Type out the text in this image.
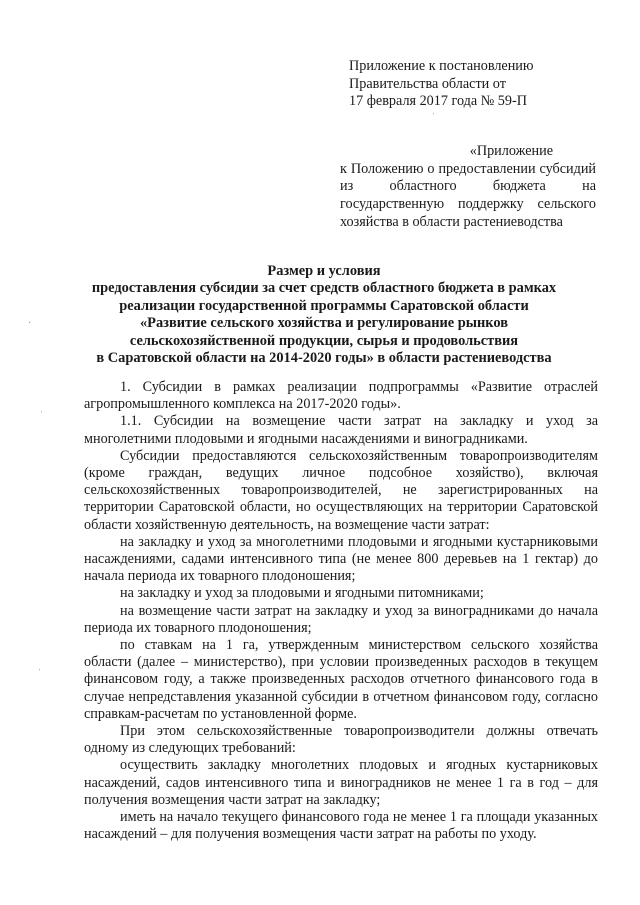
Приложение к постановлению
Правительства области от
17 февраля 2017 года № 59-П
ˈ
«Приложение
к Положению о предоставлении субсидий из областного бюджета на государственную поддержку сельского хозяйства в области растениеводства
Размер и условия
предоставления субсидии за счет средств областного бюджета в рамках
реализации государственной программы Саратовской области
«Развитие сельского хозяйства и регулирование рынков
сельскохозяйственной продукции, сырья и продовольствия
в Саратовской области на 2014-2020 годы» в области растениеводства
·
ˈ
ˈ

1. Субсидии в рамках реализации подпрограммы «Развитие отраслей агропромышленного комплекса на 2017-2020 годы».

1.1. Субсидии на возмещение части затрат на закладку и уход за многолетними плодовыми и ягодными насаждениями и виноградниками.

Субсидии предоставляются сельскохозяйственным товаропроизводителям (кроме граждан, ведущих личное подсобное хозяйство), включая сельскохозяйственных товаропроизводителей, не зарегистрированных на территории Саратовской области, но осуществляющих на территории Саратовской области хозяйственную деятельность, на возмещение части затрат:

на закладку и уход за многолетними плодовыми и ягодными кустарниковыми насаждениями, садами интенсивного типа (не менее 800 деревьев на 1 гектар) до начала периода их товарного плодоношения;

на закладку и уход за плодовыми и ягодными питомниками;

на возмещение части затрат на закладку и уход за виноградниками до начала периода их товарного плодоношения;

по ставкам на 1 га, утвержденным министерством сельского хозяйства области (далее – министерство), при условии произведенных расходов в текущем финансовом году, а также произведенных расходов отчетного финансового года в случае непредставления указанной субсидии в отчетном финансовом году, согласно справкам-расчетам по установленной форме.

При этом сельскохозяйственные товаропроизводители должны отвечать одному из следующих требований:

осуществить закладку многолетних плодовых и ягодных кустарниковых насаждений, садов интенсивного типа и виноградников не менее 1 га в год – для получения возмещения части затрат на закладку;

иметь на начало текущего финансового года не менее 1 га площади указанных насаждений – для получения возмещения части затрат на работы по уходу.
